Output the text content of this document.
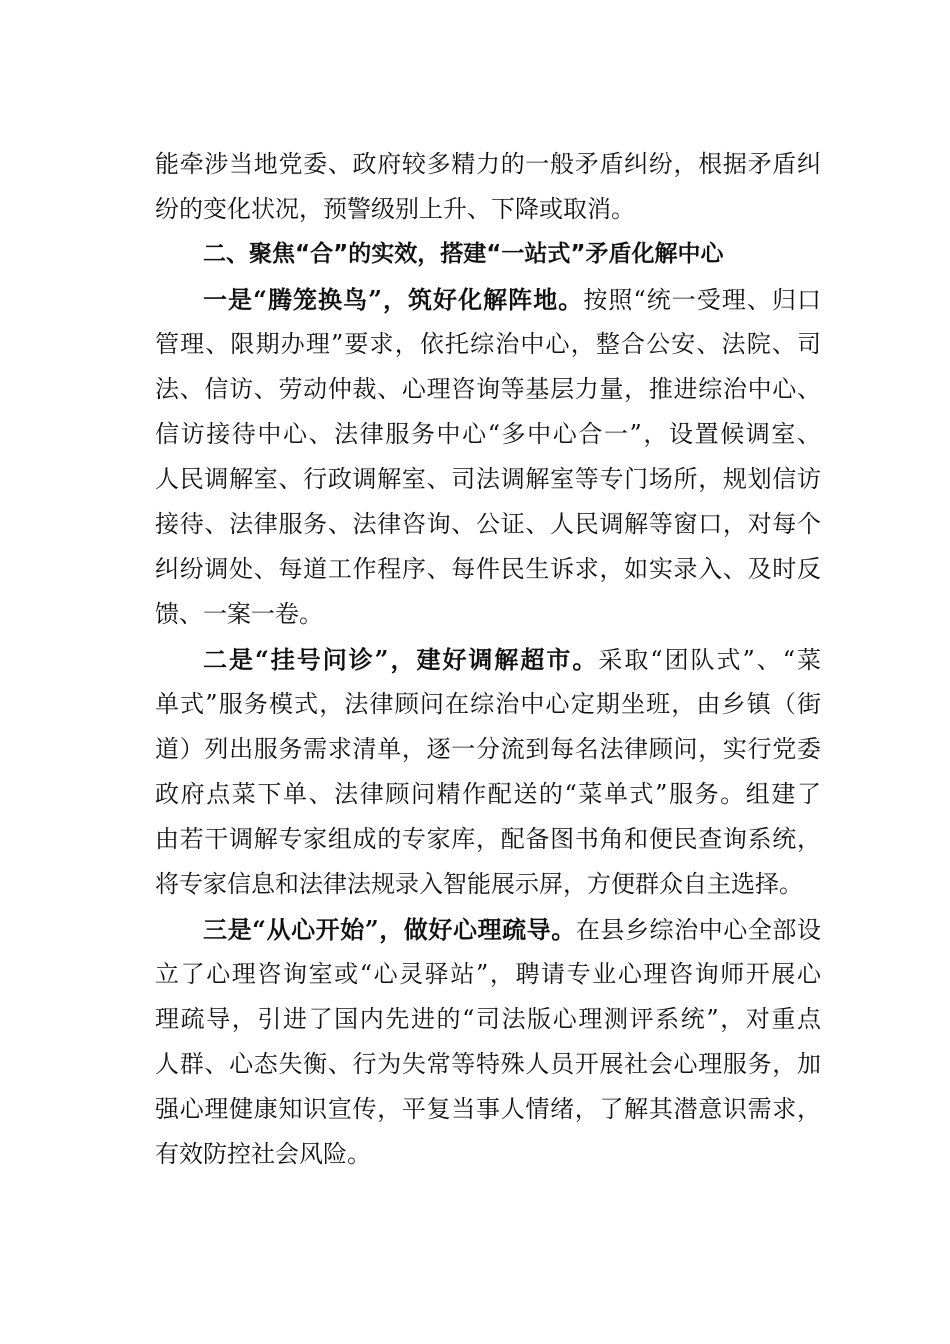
能牵涉当地党委、政府较多精力的一般矛盾纠纷，根据矛盾纠
纷的变化状况，预警级别上升、下降或取消。
二、聚焦“合”的实效，搭建“一站式”矛盾化解中心
一是“腾笼换鸟”，筑好化解阵地。按照“统一受理、归口
管理、限期办理”要求，依托综治中心，整合公安、法院、司
法、信访、劳动仲裁、心理咨询等基层力量，推进综治中心、
信访接待中心、法律服务中心“多中心合一”，设置候调室、
人民调解室、行政调解室、司法调解室等专门场所，规划信访
接待、法律服务、法律咨询、公证、人民调解等窗口，对每个
纠纷调处、每道工作程序、每件民生诉求，如实录入、及时反
馈、一案一卷。
二是“挂号问诊”，建好调解超市。采取“团队式”、“菜
单式”服务模式，法律顾问在综治中心定期坐班，由乡镇（街
道）列出服务需求清单，逐一分流到每名法律顾问，实行党委
政府点菜下单、法律顾问精作配送的“菜单式”服务。组建了
由若干调解专家组成的专家库，配备图书角和便民查询系统，
将专家信息和法律法规录入智能展示屏，方便群众自主选择。
三是“从心开始”，做好心理疏导。在县乡综治中心全部设
立了心理咨询室或“心灵驿站”，聘请专业心理咨询师开展心
理疏导，引进了国内先进的“司法版心理测评系统”，对重点
人群、心态失衡、行为失常等特殊人员开展社会心理服务，加
强心理健康知识宣传，平复当事人情绪，了解其潜意识需求，
有效防控社会风险。
